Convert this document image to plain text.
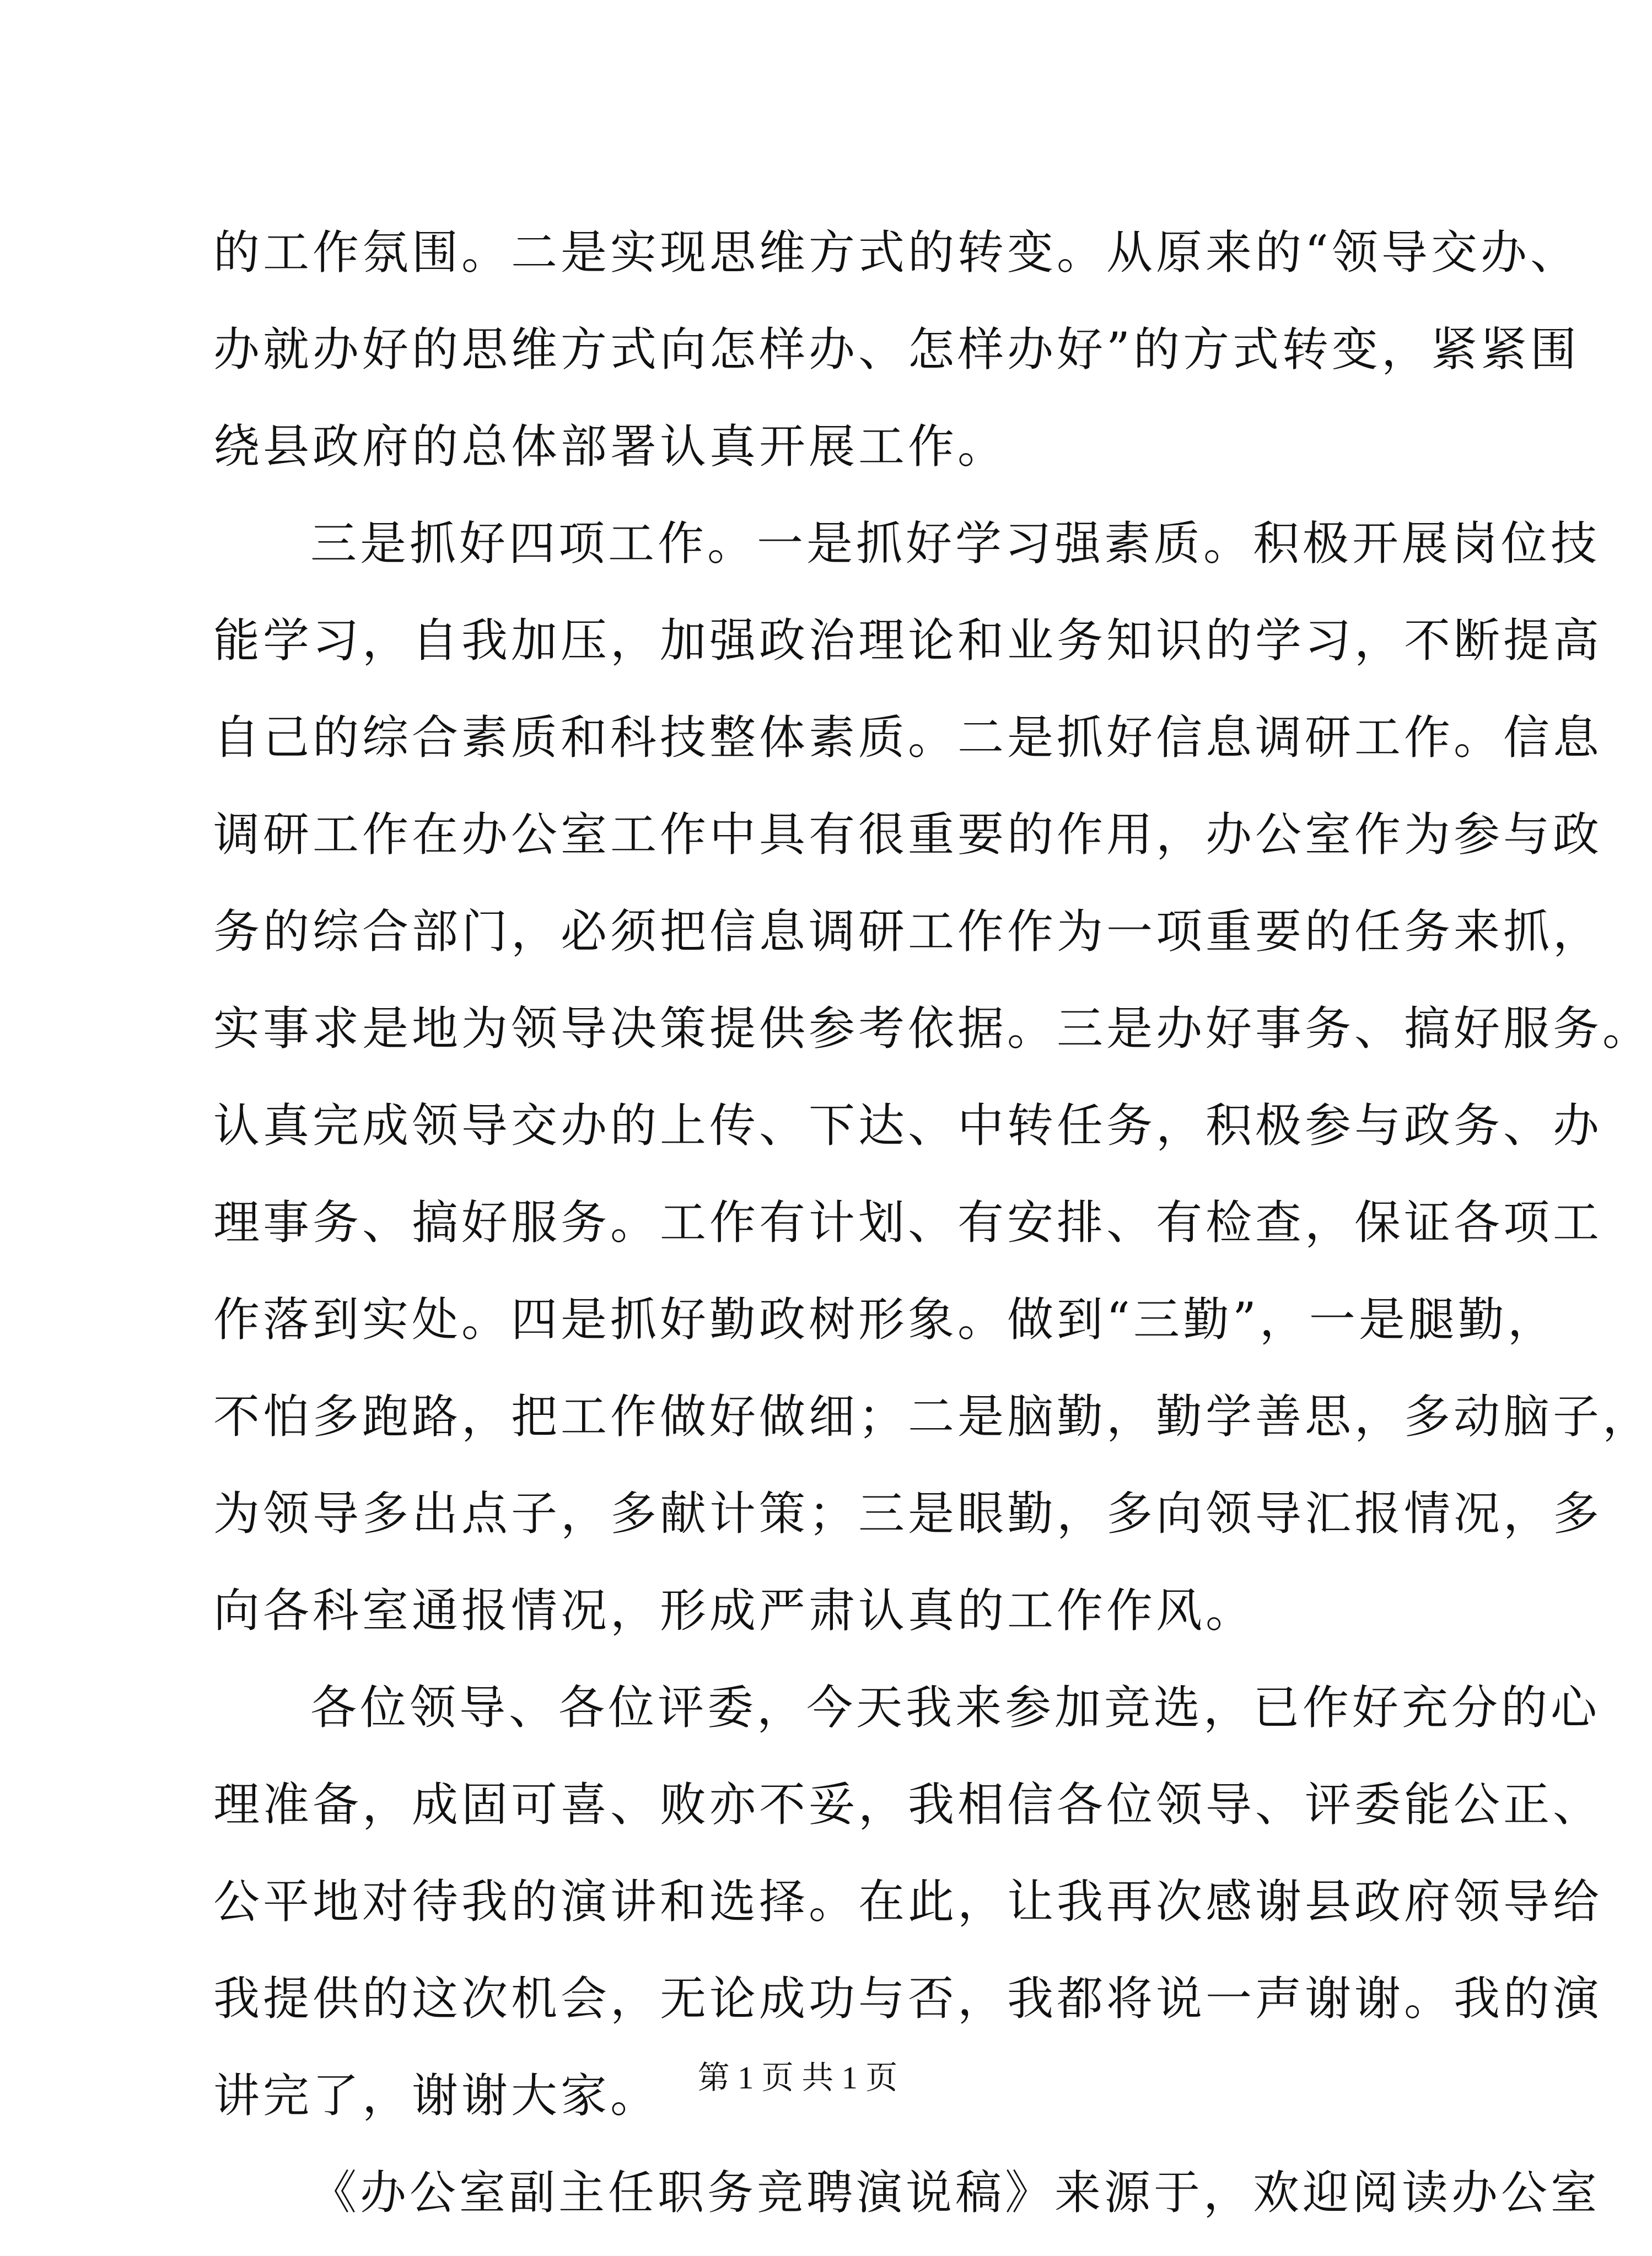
的工作氛围。二是实现思维方式的转变。从原来的“领导交办、
办就办好的思维方式向怎样办、怎样办好”的方式转变，紧紧围
绕县政府的总体部署认真开展工作。
三是抓好四项工作。一是抓好学习强素质。积极开展岗位技
能学习，自我加压，加强政治理论和业务知识的学习，不断提高
自己的综合素质和科技整体素质。二是抓好信息调研工作。信息
调研工作在办公室工作中具有很重要的作用，办公室作为参与政
务的综合部门，必须把信息调研工作作为一项重要的任务来抓，
实事求是地为领导决策提供参考依据。三是办好事务、搞好服务。
认真完成领导交办的上传、下达、中转任务，积极参与政务、办
理事务、搞好服务。工作有计划、有安排、有检查，保证各项工
作落到实处。四是抓好勤政树形象。做到“三勤”，一是腿勤，
不怕多跑路，把工作做好做细；二是脑勤，勤学善思，多动脑子，
为领导多出点子，多献计策；三是眼勤，多向领导汇报情况，多
向各科室通报情况，形成严肃认真的工作作风。
各位领导、各位评委，今天我来参加竞选，已作好充分的心
理准备，成固可喜、败亦不妥，我相信各位领导、评委能公正、
公平地对待我的演讲和选择。在此，让我再次感谢县政府领导给
我提供的这次机会，无论成功与否，我都将说一声谢谢。我的演
讲完了，谢谢大家。
《办公室副主任职务竞聘演说稿》来源于，欢迎阅读办公室
第 1 页 共 1 页
